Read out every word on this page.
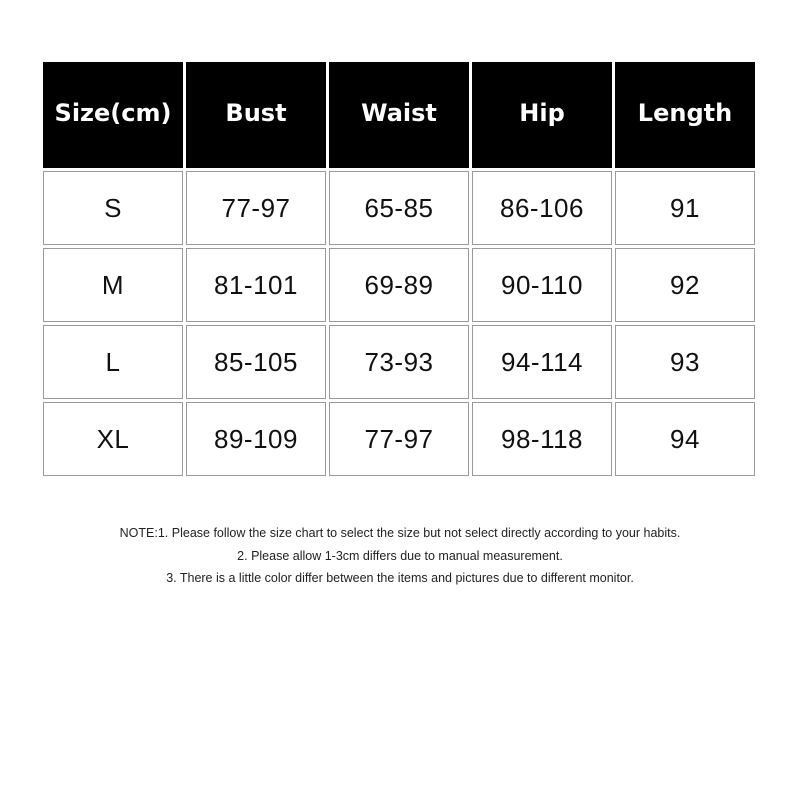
Size(cm)	Bust	Waist	Hip	Length
S	77-97	65-85	86-106	91
M	81-101	69-89	90-110	92
L	85-105	73-93	94-114	93
XL	89-109	77-97	98-118	94
NOTE:1. Please follow the size chart to select the size but not select directly according to your habits.
2. Please allow 1-3cm differs due to manual measurement.
3. There is a little color differ between the items and pictures due to different monitor.
